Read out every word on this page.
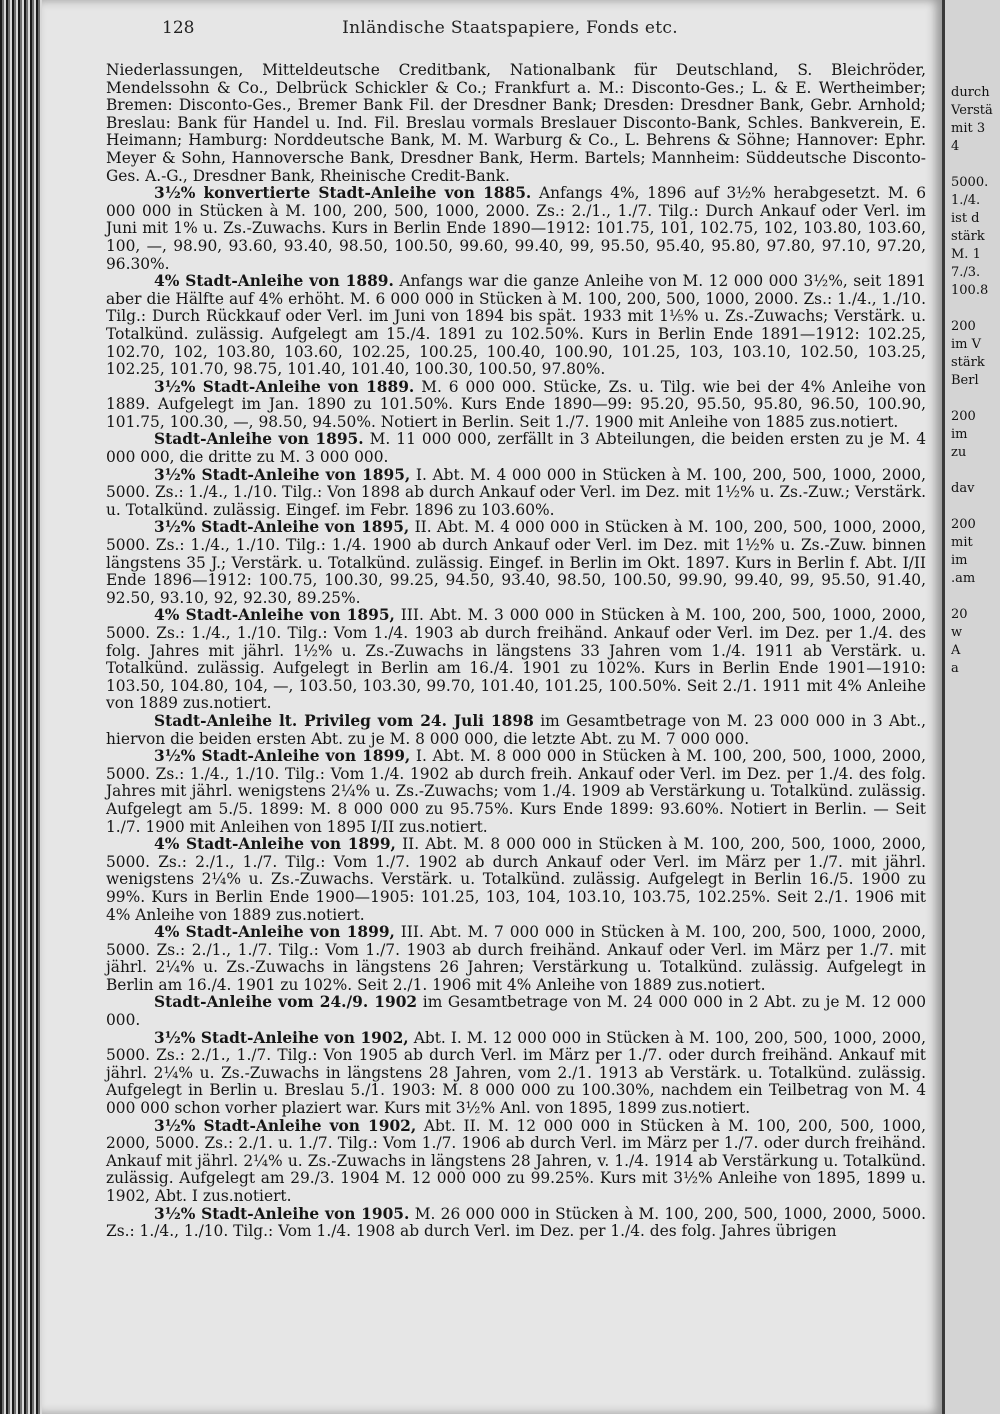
128	Inländische Staatspapiere, Fonds etc.

Niederlassungen, Mitteldeutsche Creditbank, Nationalbank für Deutschland, S. Bleichröder, Mendelssohn & Co., Delbrück Schickler & Co.; Frankfurt a. M.: Disconto-Ges.; L. & E. Wertheimber; Bremen: Disconto-Ges., Bremer Bank Fil. der Dresdner Bank; Dresden: Dresdner Bank, Gebr. Arnhold; Breslau: Bank für Handel u. Ind. Fil. Breslau vormals Breslauer Disconto-Bank, Schles. Bankverein, E. Heimann; Hamburg: Norddeutsche Bank, M. M. Warburg & Co., L. Behrens & Söhne; Hannover: Ephr. Meyer & Sohn, Hannoversche Bank, Dresdner Bank, Herm. Bartels; Mannheim: Süddeutsche Disconto-Ges. A.-G., Dresdner Bank, Rheinische Credit-Bank.

3½% konvertierte Stadt-Anleihe von 1885. Anfangs 4%, 1896 auf 3½% herabgesetzt. M. 6 000 000 in Stücken à M. 100, 200, 500, 1000, 2000. Zs.: 2./1., 1./7. Tilg.: Durch Ankauf oder Verl. im Juni mit 1% u. Zs.-Zuwachs. Kurs in Berlin Ende 1890—1912: 101.75, 101, 102.75, 102, 103.80, 103.60, 100, —, 98.90, 93.60, 93.40, 98.50, 100.50, 99.60, 99.40, 99, 95.50, 95.40, 95.80, 97.80, 97.10, 97.20, 96.30%.

4% Stadt-Anleihe von 1889. Anfangs war die ganze Anleihe von M. 12 000 000 3½%, seit 1891 aber die Hälfte auf 4% erhöht. M. 6 000 000 in Stücken à M. 100, 200, 500, 1000, 2000. Zs.: 1./4., 1./10. Tilg.: Durch Rückkauf oder Verl. im Juni von 1894 bis spät. 1933 mit 1⅕% u. Zs.-Zuwachs; Verstärk. u. Totalkünd. zulässig. Aufgelegt am 15./4. 1891 zu 102.50%. Kurs in Berlin Ende 1891—1912: 102.25, 102.70, 102, 103.80, 103.60, 102.25, 100.25, 100.40, 100.90, 101.25, 103, 103.10, 102.50, 103.25, 102.25, 101.70, 98.75, 101.40, 101.40, 100.30, 100.50, 97.80%.

3½% Stadt-Anleihe von 1889. M. 6 000 000. Stücke, Zs. u. Tilg. wie bei der 4% Anleihe von 1889. Aufgelegt im Jan. 1890 zu 101.50%. Kurs Ende 1890—99: 95.20, 95.50, 95.80, 96.50, 100.90, 101.75, 100.30, —, 98.50, 94.50%. Notiert in Berlin. Seit 1./7. 1900 mit Anleihe von 1885 zus.notiert.

Stadt-Anleihe von 1895. M. 11 000 000, zerfällt in 3 Abteilungen, die beiden ersten zu je M. 4 000 000, die dritte zu M. 3 000 000.

3½% Stadt-Anleihe von 1895, I. Abt. M. 4 000 000 in Stücken à M. 100, 200, 500, 1000, 2000, 5000. Zs.: 1./4., 1./10. Tilg.: Von 1898 ab durch Ankauf oder Verl. im Dez. mit 1½% u. Zs.-Zuw.; Verstärk. u. Totalkünd. zulässig. Eingef. im Febr. 1896 zu 103.60%.

3½% Stadt-Anleihe von 1895, II. Abt. M. 4 000 000 in Stücken à M. 100, 200, 500, 1000, 2000, 5000. Zs.: 1./4., 1./10. Tilg.: 1./4. 1900 ab durch Ankauf oder Verl. im Dez. mit 1½% u. Zs.-Zuw. binnen längstens 35 J.; Verstärk. u. Totalkünd. zulässig. Eingef. in Berlin im Okt. 1897. Kurs in Berlin f. Abt. I/II Ende 1896—1912: 100.75, 100.30, 99.25, 94.50, 93.40, 98.50, 100.50, 99.90, 99.40, 99, 95.50, 91.40, 92.50, 93.10, 92, 92.30, 89.25%.

4% Stadt-Anleihe von 1895, III. Abt. M. 3 000 000 in Stücken à M. 100, 200, 500, 1000, 2000, 5000. Zs.: 1./4., 1./10. Tilg.: Vom 1./4. 1903 ab durch freihänd. Ankauf oder Verl. im Dez. per 1./4. des folg. Jahres mit jährl. 1½% u. Zs.-Zuwachs in längstens 33 Jahren vom 1./4. 1911 ab Verstärk. u. Totalkünd. zulässig. Aufgelegt in Berlin am 16./4. 1901 zu 102%. Kurs in Berlin Ende 1901—1910: 103.50, 104.80, 104, —, 103.50, 103.30, 99.70, 101.40, 101.25, 100.50%. Seit 2./1. 1911 mit 4% Anleihe von 1889 zus.notiert.

Stadt-Anleihe lt. Privileg vom 24. Juli 1898 im Gesamtbetrage von M. 23 000 000 in 3 Abt., hiervon die beiden ersten Abt. zu je M. 8 000 000, die letzte Abt. zu M. 7 000 000.

3½% Stadt-Anleihe von 1899, I. Abt. M. 8 000 000 in Stücken à M. 100, 200, 500, 1000, 2000, 5000. Zs.: 1./4., 1./10. Tilg.: Vom 1./4. 1902 ab durch freih. Ankauf oder Verl. im Dez. per 1./4. des folg. Jahres mit jährl. wenigstens 2¼% u. Zs.-Zuwachs; vom 1./4. 1909 ab Verstärkung u. Totalkünd. zulässig. Aufgelegt am 5./5. 1899: M. 8 000 000 zu 95.75%. Kurs Ende 1899: 93.60%. Notiert in Berlin. — Seit 1./7. 1900 mit Anleihen von 1895 I/II zus.notiert.

4% Stadt-Anleihe von 1899, II. Abt. M. 8 000 000 in Stücken à M. 100, 200, 500, 1000, 2000, 5000. Zs.: 2./1., 1./7. Tilg.: Vom 1./7. 1902 ab durch Ankauf oder Verl. im März per 1./7. mit jährl. wenigstens 2¼% u. Zs.-Zuwachs. Verstärk. u. Totalkünd. zulässig. Aufgelegt in Berlin 16./5. 1900 zu 99%. Kurs in Berlin Ende 1900—1905: 101.25, 103, 104, 103.10, 103.75, 102.25%. Seit 2./1. 1906 mit 4% Anleihe von 1889 zus.notiert.

4% Stadt-Anleihe von 1899, III. Abt. M. 7 000 000 in Stücken à M. 100, 200, 500, 1000, 2000, 5000. Zs.: 2./1., 1./7. Tilg.: Vom 1./7. 1903 ab durch freihänd. Ankauf oder Verl. im März per 1./7. mit jährl. 2¼% u. Zs.-Zuwachs in längstens 26 Jahren; Verstärkung u. Totalkünd. zulässig. Aufgelegt in Berlin am 16./4. 1901 zu 102%. Seit 2./1. 1906 mit 4% Anleihe von 1889 zus.notiert.

Stadt-Anleihe vom 24./9. 1902 im Gesamtbetrage von M. 24 000 000 in 2 Abt. zu je M. 12 000 000.

3½% Stadt-Anleihe von 1902, Abt. I. M. 12 000 000 in Stücken à M. 100, 200, 500, 1000, 2000, 5000. Zs.: 2./1., 1./7. Tilg.: Von 1905 ab durch Verl. im März per 1./7. oder durch freihänd. Ankauf mit jährl. 2¼% u. Zs.-Zuwachs in längstens 28 Jahren, vom 2./1. 1913 ab Verstärk. u. Totalkünd. zulässig. Aufgelegt in Berlin u. Breslau 5./1. 1903: M. 8 000 000 zu 100.30%, nachdem ein Teilbetrag von M. 4 000 000 schon vorher plaziert war. Kurs mit 3½% Anl. von 1895, 1899 zus.notiert.

3½% Stadt-Anleihe von 1902, Abt. II. M. 12 000 000 in Stücken à M. 100, 200, 500, 1000, 2000, 5000. Zs.: 2./1. u. 1./7. Tilg.: Vom 1./7. 1906 ab durch Verl. im März per 1./7. oder durch freihänd. Ankauf mit jährl. 2¼% u. Zs.-Zuwachs in längstens 28 Jahren, v. 1./4. 1914 ab Verstärkung u. Totalkünd. zulässig. Aufgelegt am 29./3. 1904 M. 12 000 000 zu 99.25%. Kurs mit 3½% Anleihe von 1895, 1899 u. 1902, Abt. I zus.notiert.

3½% Stadt-Anleihe von 1905. M. 26 000 000 in Stücken à M. 100, 200, 500, 1000, 2000, 5000. Zs.: 1./4., 1./10. Tilg.: Vom 1./4. 1908 ab durch Verl. im Dez. per 1./4. des folg. Jahres übrigen

durch
Verstä
mit 3
4

5000.
1./4.
ist d
stärk
M. 1
7./3.
100.8

200
im V
stärk
Berl

200
im
zu

dav

200
mit
im
.am

20
w
A
a
